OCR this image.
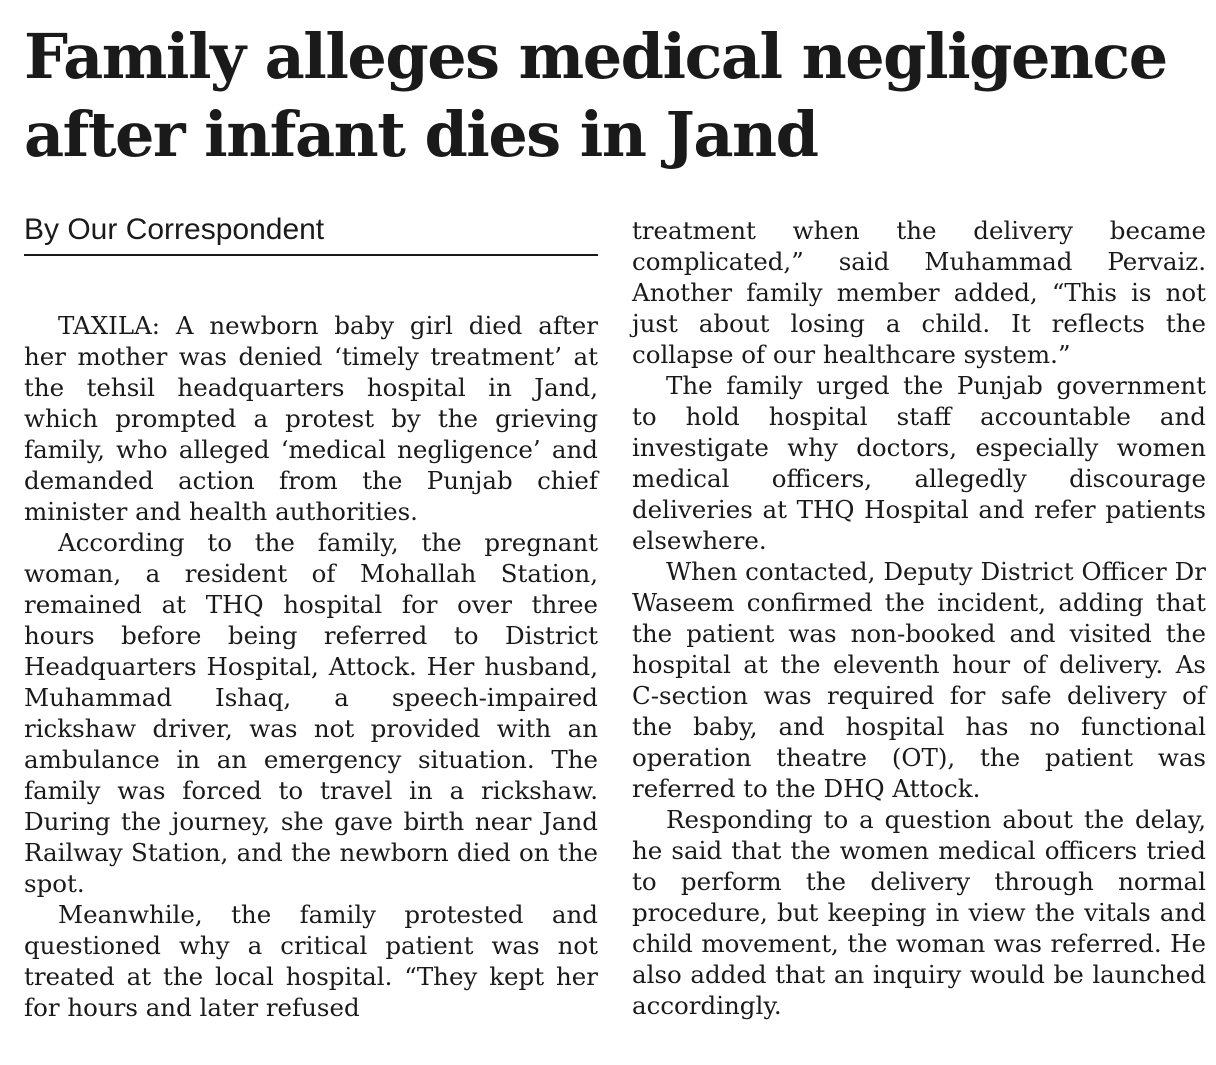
Family alleges medical negligence after infant dies in Jand
By Our Correspondent

TAXILA: A newborn baby girl died after her mother was denied ‘timely treatment’ at the tehsil headquarters hospital in Jand, which prompted a protest by the grieving family, who alleged ‘medical negligence’ and demanded action from the Punjab chief minister and health authorities.

According to the family, the pregnant woman, a resident of Mohallah Station, remained at THQ hospital for over three hours before being referred to District Headquarters Hospital, Attock. Her husband, Muhammad Ishaq, a speech-impaired rickshaw driver, was not provided with an ambulance in an emergency situation. The family was forced to travel in a rickshaw. During the journey, she gave birth near Jand Railway Station, and the newborn died on the spot.

Meanwhile, the family protested and questioned why a critical patient was not treated at the local hospital. “They kept her for hours and later refused

treatment when the delivery became complicated,” said Muhammad Pervaiz. Another family member added, “This is not just about losing a child. It reflects the collapse of our healthcare system.”

The family urged the Punjab government to hold hospital staff accountable and investigate why doctors, especially women medical officers, allegedly discourage deliveries at THQ Hospital and refer patients elsewhere.

When contacted, Deputy District Officer Dr Waseem confirmed the incident, adding that the patient was non-booked and visited the hospital at the eleventh hour of delivery. As C-section was required for safe delivery of the baby, and hospital has no functional operation theatre (OT), the patient was referred to the DHQ Attock.

Responding to a question about the delay, he said that the women medical officers tried to perform the delivery through normal procedure, but keeping in view the vitals and child movement, the woman was referred. He also added that an inquiry would be launched accordingly.
